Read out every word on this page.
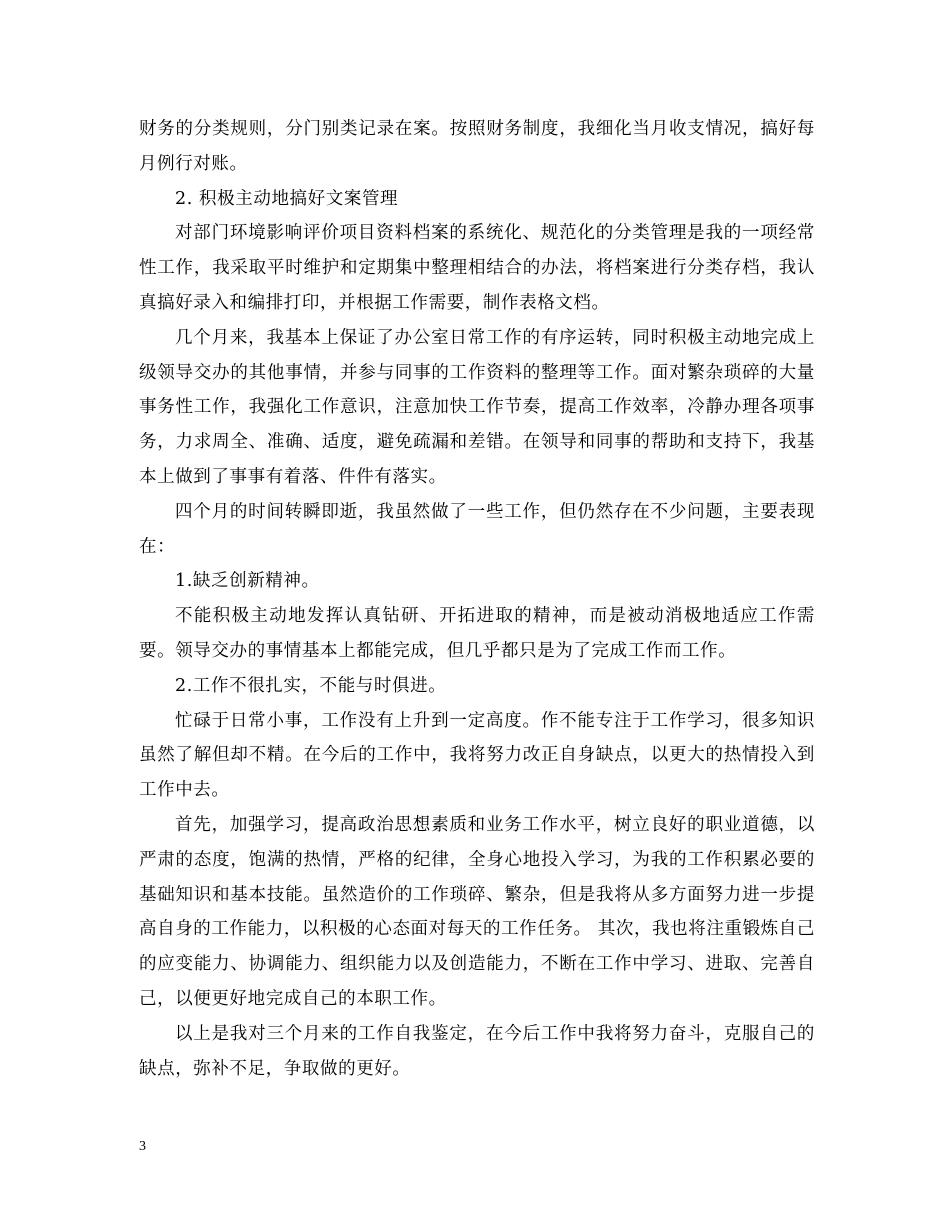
财务的分类规则，分门别类记录在案。按照财务制度，我细化当月收支情况，搞好每月例行对账。

2. 积极主动地搞好文案管理

对部门环境影响评价项目资料档案的系统化、规范化的分类管理是我的一项经常性工作，我采取平时维护和定期集中整理相结合的办法，将档案进行分类存档，我认真搞好录入和编排打印，并根据工作需要，制作表格文档。

几个月来，我基本上保证了办公室日常工作的有序运转，同时积极主动地完成上级领导交办的其他事情，并参与同事的工作资料的整理等工作。面对繁杂琐碎的大量事务性工作，我强化工作意识，注意加快工作节奏，提高工作效率，冷静办理各项事务，力求周全、准确、适度，避免疏漏和差错。在领导和同事的帮助和支持下，我基本上做到了事事有着落、件件有落实。

四个月的时间转瞬即逝，我虽然做了一些工作，但仍然存在不少问题，主要表现在：

1.缺乏创新精神。

不能积极主动地发挥认真钻研、开拓进取的精神，而是被动消极地适应工作需要。领导交办的事情基本上都能完成，但几乎都只是为了完成工作而工作。

2.工作不很扎实，不能与时俱进。

忙碌于日常小事，工作没有上升到一定高度。作不能专注于工作学习，很多知识虽然了解但却不精。在今后的工作中，我将努力改正自身缺点，以更大的热情投入到工作中去。

首先，加强学习，提高政治思想素质和业务工作水平，树立良好的职业道德，以严肃的态度，饱满的热情，严格的纪律，全身心地投入学习，为我的工作积累必要的基础知识和基本技能。虽然造价的工作琐碎、繁杂，但是我将从多方面努力进一步提高自身的工作能力，以积极的心态面对每天的工作任务。 其次，我也将注重锻炼自己的应变能力、协调能力、组织能力以及创造能力，不断在工作中学习、进取、完善自己，以便更好地完成自己的本职工作。

以上是我对三个月来的工作自我鉴定，在今后工作中我将努力奋斗，克服自己的缺点，弥补不足，争取做的更好。

3
